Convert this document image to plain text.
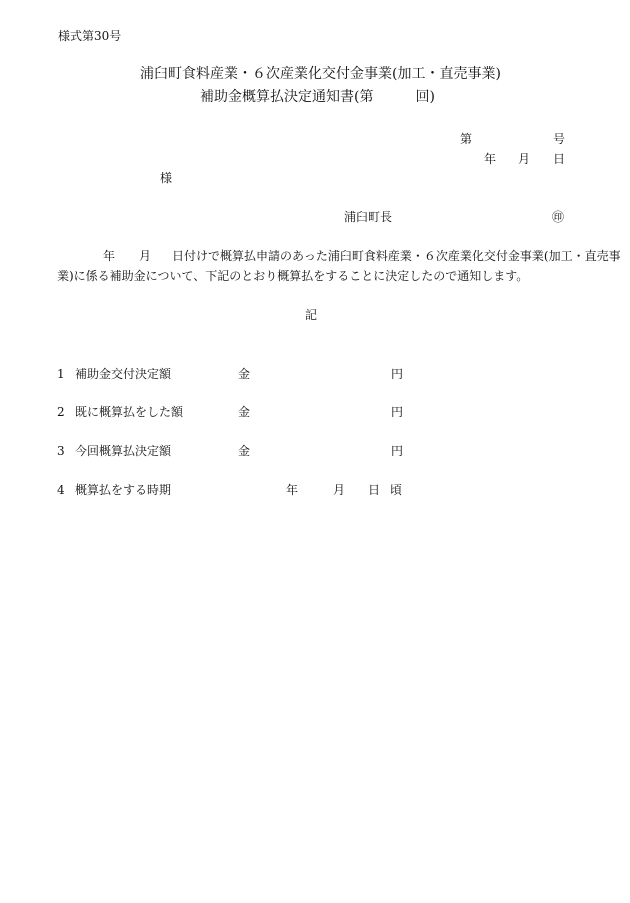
様式第30号
浦臼町食料産業・６次産業化交付金事業(加工・直売事業)
補助金概算払決定通知書(第　　　回)
第	号
年 月 日
様
浦臼町長	㊞
年 月 日付けで概算払申請のあった浦臼町食料産業・６次産業化交付金事業(加工・直売事
業)に係る補助金について、下記のとおり概算払をすることに決定したので通知します。
記
1 補助金交付決定額	金	円
2 既に概算払をした額	金	円
3 今回概算払決定額	金	円
4 概算払をする時期	年	月 日 頃
